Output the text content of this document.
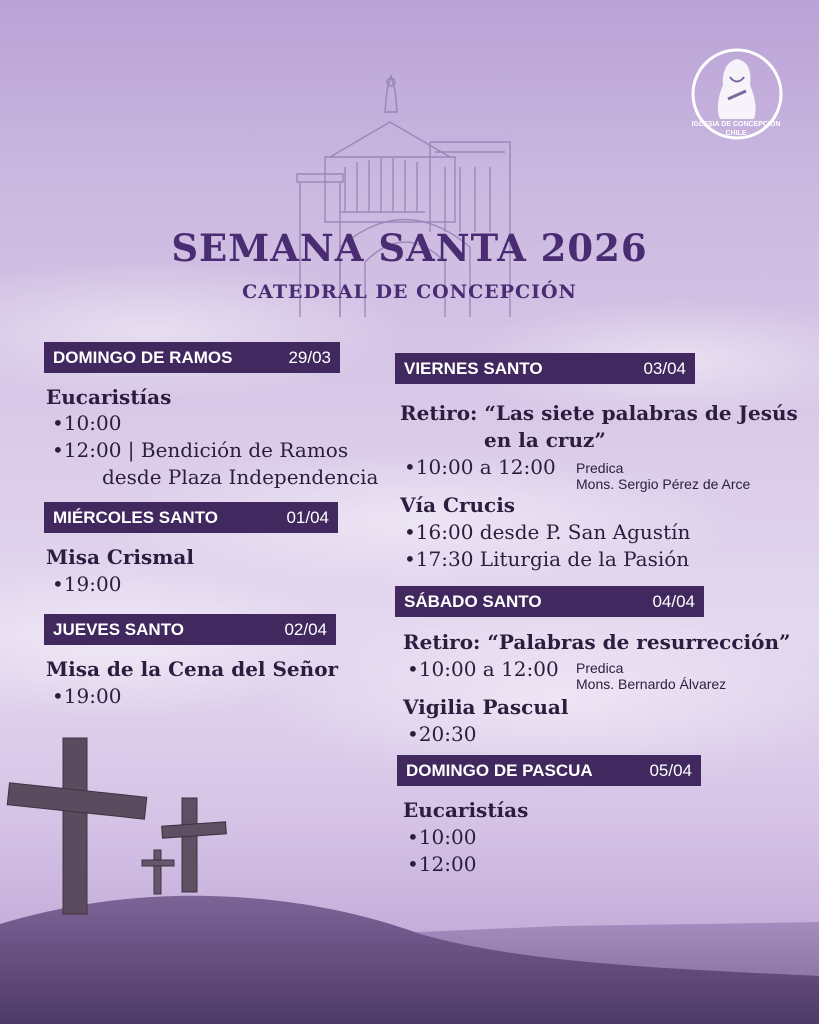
IGLESIA DE CONCEPCIÓN
CHILE
SEMANA SANTA 2026
CATEDRAL DE CONCEPCIÓN
DOMINGO DE RAMOS	29/03
Eucaristías
•10:00
•12:00 | Bendición de Ramos
desde Plaza Independencia
MIÉRCOLES SANTO	01/04
Misa Crismal
•19:00
JUEVES SANTO	02/04
Misa de la Cena del Señor
•19:00
VIERNES SANTO	03/04
Retiro: “Las siete palabras de Jesús
en la cruz”
•10:00 a 12:00 Predica
Mons. Sergio Pérez de Arce
Vía Crucis
•16:00 desde P. San Agustín
•17:30 Liturgia de la Pasión
SÁBADO SANTO	04/04
Retiro: “Palabras de resurrección”
•10:00 a 12:00 Predica
Mons. Bernardo Álvarez
Vigilia Pascual
•20:30
DOMINGO DE PASCUA	05/04
Eucaristías
•10:00
•12:00
